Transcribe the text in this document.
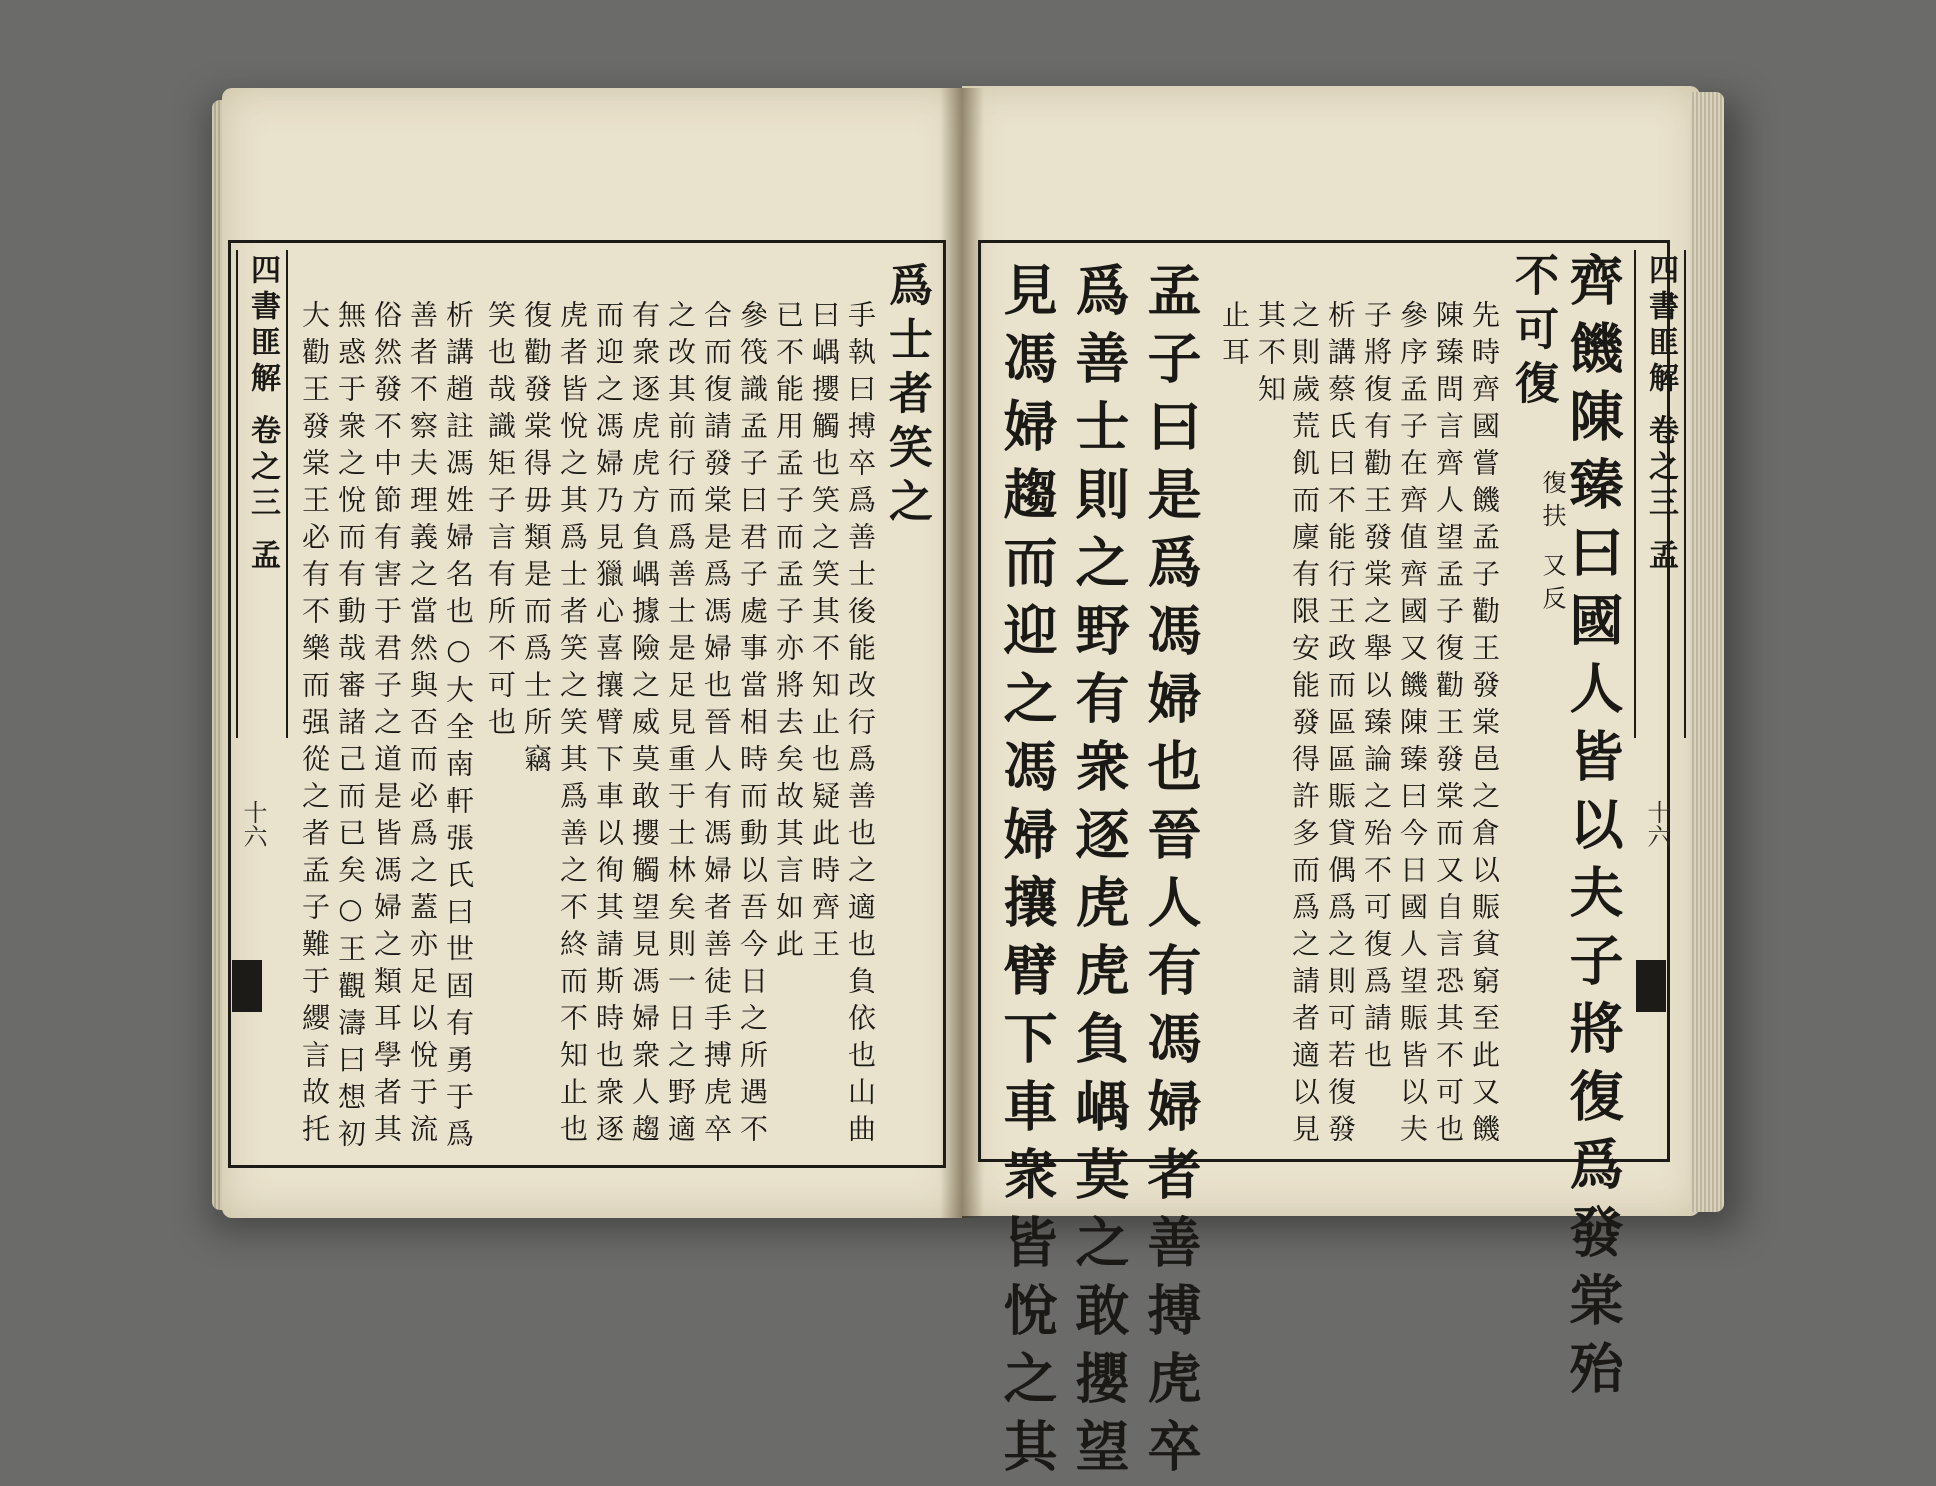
四書匪解 卷之三 孟
十六
爲士者笑之
手執曰搏卒爲善士後能改行爲善也之適也負依也山曲
曰嵎攖觸也笑之笑其不知止也疑此時齊王
已不能用孟子而孟子亦將去矣故其言如此
參筏識孟子曰君子處事當相時而動以吾今日之所遇不
合而復請發棠是爲馮婦也晉人有馮婦者善徒手搏虎卒
之改其前行而爲善士是足見重于士林矣則一日之野適
有衆逐虎虎方負嵎據險之威莫敢攖觸望見馮婦衆人趨
而迎之馮婦乃見獵心喜攘臂下車以徇其請斯時也衆逐
虎者皆悅之其爲士者笑之笑其爲善之不終而不知止也
復勸發棠得毋類是而爲士所竊
笑也哉識矩子言有所不可也
析講趙註馮姓婦名也○大全南軒張氏曰世固有勇于爲
善者不察夫理義之當然與否而必爲之蓋亦足以悅于流
俗然發不中節有害于君子之道是皆馮婦之類耳學者其
無惑于衆之悅而有動哉審諸己而已矣○王觀濤曰想初
大勸王發棠王必有不樂而强從之者孟子難于纓言故托	四書匪解 卷之三 孟
十六
齊饑陳臻曰國人皆以夫子將復爲發棠殆
不可復
復扶 又反
先時齊國嘗饑孟子勸王發棠邑之倉以賑貧窮至此又饑
陳臻問言齊人望孟子復勸王發棠而又自言恐其不可也
參序孟子在齊值齊國又饑陳臻曰今日國人望賑皆以夫
子將復有勸王發棠之舉以臻論之殆不可復爲請也
析講蔡氏曰不能行王政而區區賑貸偶爲之則可若復發
之則歲荒飢而廩有限安能發得許多而爲之請者適以見
其不知
止耳
孟子曰是爲馮婦也晉人有馮婦者善搏虎卒
爲善士則之野有衆逐虎虎負嵎莫之敢攖望
見馮婦趨而迎之馮婦攘臂下車衆皆悅之其
